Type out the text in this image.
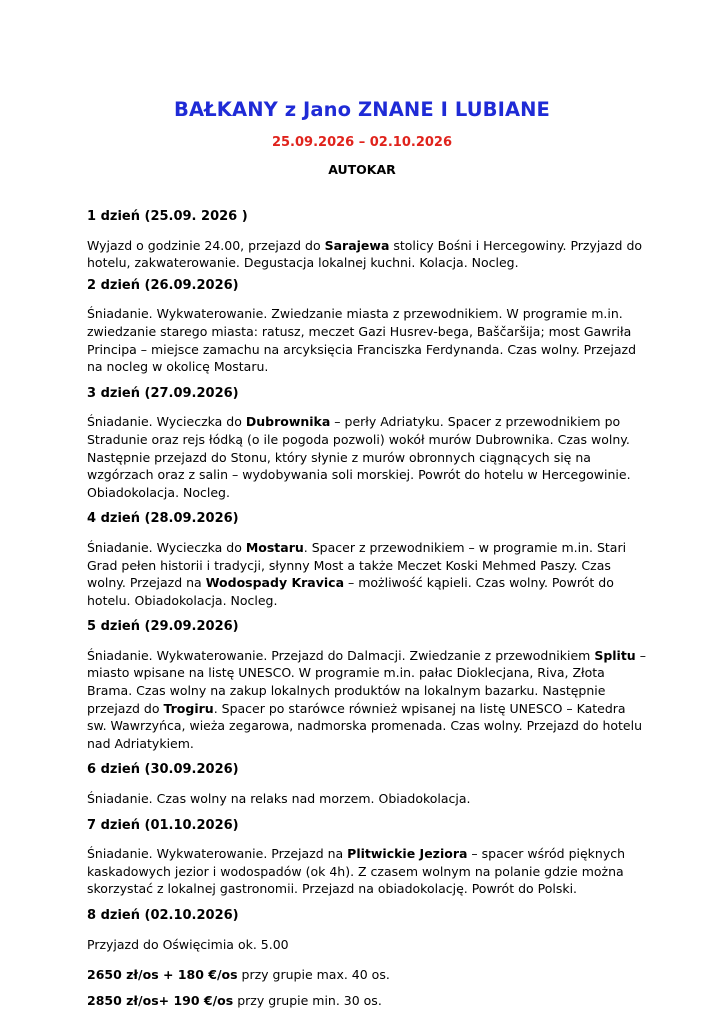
BAŁKANY z Jano ZNANE I LUBIANE
25.09.2026 – 02.10.2026
AUTOKAR

1 dzień (25.09. 2026 )

Wyjazd o godzinie 24.00, przejazd do Sarajewa stolicy Bośni i Hercegowiny. Przyjazd do hotelu, zakwaterowanie. Degustacja lokalnej kuchni. Kolacja. Nocleg.

2 dzień (26.09.2026)

Śniadanie. Wykwaterowanie. Zwiedzanie miasta z przewodnikiem. W programie m.in. zwiedzanie starego miasta: ratusz, meczet Gazi Husrev-bega, Baščaršija; most Gawriła Principa – miejsce zamachu na arcyksięcia Franciszka Ferdynanda. Czas wolny. Przejazd na nocleg w okolicę Mostaru.

3 dzień (27.09.2026)

Śniadanie. Wycieczka do Dubrownika – perły Adriatyku. Spacer z przewodnikiem po Stradunie oraz rejs łódką (o ile pogoda pozwoli) wokół murów Dubrownika. Czas wolny. Następnie przejazd do Stonu, który słynie z murów obronnych ciągnących się na wzgórzach oraz z salin – wydobywania soli morskiej. Powrót do hotelu w Hercegowinie. Obiadokolacja. Nocleg.

4 dzień (28.09.2026)

Śniadanie. Wycieczka do Mostaru. Spacer z przewodnikiem – w programie m.in. Stari Grad pełen historii i tradycji, słynny Most a także Meczet Koski Mehmed Paszy. Czas wolny. Przejazd na Wodospady Kravica – możliwość kąpieli. Czas wolny. Powrót do hotelu. Obiadokolacja. Nocleg.

5 dzień (29.09.2026)

Śniadanie. Wykwaterowanie. Przejazd do Dalmacji. Zwiedzanie z przewodnikiem Splitu – miasto wpisane na listę UNESCO. W programie m.in. pałac Dioklecjana, Riva, Złota Brama. Czas wolny na zakup lokalnych produktów na lokalnym bazarku. Następnie przejazd do Trogiru. Spacer po starówce również wpisanej na listę UNESCO – Katedra sw. Wawrzyńca, wieża zegarowa, nadmorska promenada. Czas wolny. Przejazd do hotelu nad Adriatykiem.

6 dzień (30.09.2026)

Śniadanie. Czas wolny na relaks nad morzem. Obiadokolacja.

7 dzień (01.10.2026)

Śniadanie. Wykwaterowanie. Przejazd na Plitwickie Jeziora – spacer wśród pięknych kaskadowych jezior i wodospadów (ok 4h). Z czasem wolnym na polanie gdzie można skorzystać z lokalnej gastronomii. Przejazd na obiadokolację. Powrót do Polski.

8 dzień (02.10.2026)

Przyjazd do Oświęcimia ok. 5.00

2650 zł/os + 180 €/os przy grupie max. 40 os.

2850 zł/os+ 190 €/os przy grupie min. 30 os.
